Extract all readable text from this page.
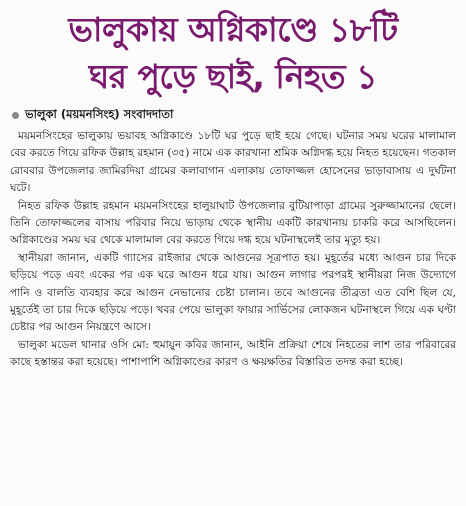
ভালুকায় অগ্নিকাণ্ডে ১৮টি
ঘর পুড়ে ছাই, নিহত ১
ভালুকা (ময়মনসিংহ) সংবাদদাতা

ময়মনসিংহের ভালুকায় ভয়াবহ অগ্নিকাণ্ডে ১৮টি ঘর পুড়ে ছাই হয়ে গেছে। ঘটনার সময় ঘরের মালামাল বের করতে গিয়ে রফিক উল্লাহ রহমান (৩৫) নামে এক কারখানা শ্রমিক অগ্নিদগ্ধ হয়ে নিহত হয়েছেন। গতকাল রোববার উপজেলার জামিরদিয়া গ্রামের কলাবাগান এলাকায় তোফাজ্জল হোসেনের ভাড়াবাসায় এ দুর্ঘটনা ঘটে।

নিহত রফিক উল্লাহ রহমান ময়মনসিংহের হালুয়াঘাট উপজেলার বুটিয়াপাড়া গ্রামের সুরুজ্জামানের ছেলে। তিনি তোফাজ্জলের বাসায় পরিবার নিয়ে ভাড়ায় থেকে স্থানীয় একটি কারখানায় চাকরি করে আসছিলেন। অগ্নিকাণ্ডের সময় ঘর থেকে মালামাল বের করতে গিয়ে দগ্ধ হয়ে ঘটনাস্থলেই তার মৃত্যু হয়।

স্থানীয়রা জানান, একটি গ্যাসের রাইজার থেকে আগুনের সূত্রপাত হয়। মুহূর্তের মধ্যে আগুন চার দিকে ছড়িয়ে পড়ে এবং একের পর এক ঘরে আগুন ধরে যায়। আগুন লাগার পরপরই স্থানীয়রা নিজ উদ্যোগে পানি ও বালতি ব্যবহার করে আগুন নেভানোর চেষ্টা চালান। তবে আগুনের তীব্রতা এত বেশি ছিল যে, মুহূর্তেই তা চার দিকে ছড়িয়ে পড়ে। খবর পেয়ে ভালুকা ফায়ার সার্ভিসের লোকজন ঘটনাস্থলে গিয়ে এক ঘণ্টা চেষ্টার পর আগুন নিয়ন্ত্রণে আসে।

ভালুকা মডেল থানার ওসি মো: হুমায়ুন কবির জানান, আইনি প্রক্রিয়া শেষে নিহতের লাশ তার পরিবারের কাছে হস্তান্তর করা হয়েছে। পাশাপাশি অগ্নিকাণ্ডের কারণ ও ক্ষয়ক্ষতির বিস্তারিত তদন্ত করা হচ্ছে।
